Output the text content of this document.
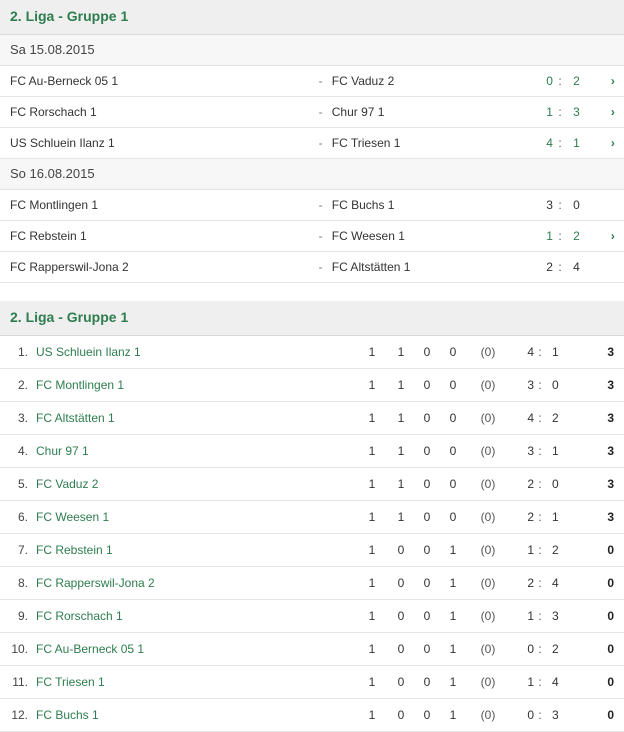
2. Liga - Gruppe 1
Sa 15.08.2015
FC Au-Berneck 05 1	-	FC Vaduz 2	0	:	2	›
FC Rorschach 1	-	Chur 97 1	1	:	3	›
US Schluein Ilanz 1	-	FC Triesen 1	4	:	1	›
So 16.08.2015
FC Montlingen 1	-	FC Buchs 1	3	:	0	
FC Rebstein 1	-	FC Weesen 1	1	:	2	›
FC Rapperswil-Jona 2	-	FC Altstätten 1	2	:	4	
2. Liga - Gruppe 1
1.	US Schluein Ilanz 1	1	1	0	0	(0)	4	:	1	3
2.	FC Montlingen 1	1	1	0	0	(0)	3	:	0	3
3.	FC Altstätten 1	1	1	0	0	(0)	4	:	2	3
4.	Chur 97 1	1	1	0	0	(0)	3	:	1	3
5.	FC Vaduz 2	1	1	0	0	(0)	2	:	0	3
6.	FC Weesen 1	1	1	0	0	(0)	2	:	1	3
7.	FC Rebstein 1	1	0	0	1	(0)	1	:	2	0
8.	FC Rapperswil-Jona 2	1	0	0	1	(0)	2	:	4	0
9.	FC Rorschach 1	1	0	0	1	(0)	1	:	3	0
10.	FC Au-Berneck 05 1	1	0	0	1	(0)	0	:	2	0
11.	FC Triesen 1	1	0	0	1	(0)	1	:	4	0
12.	FC Buchs 1	1	0	0	1	(0)	0	:	3	0
